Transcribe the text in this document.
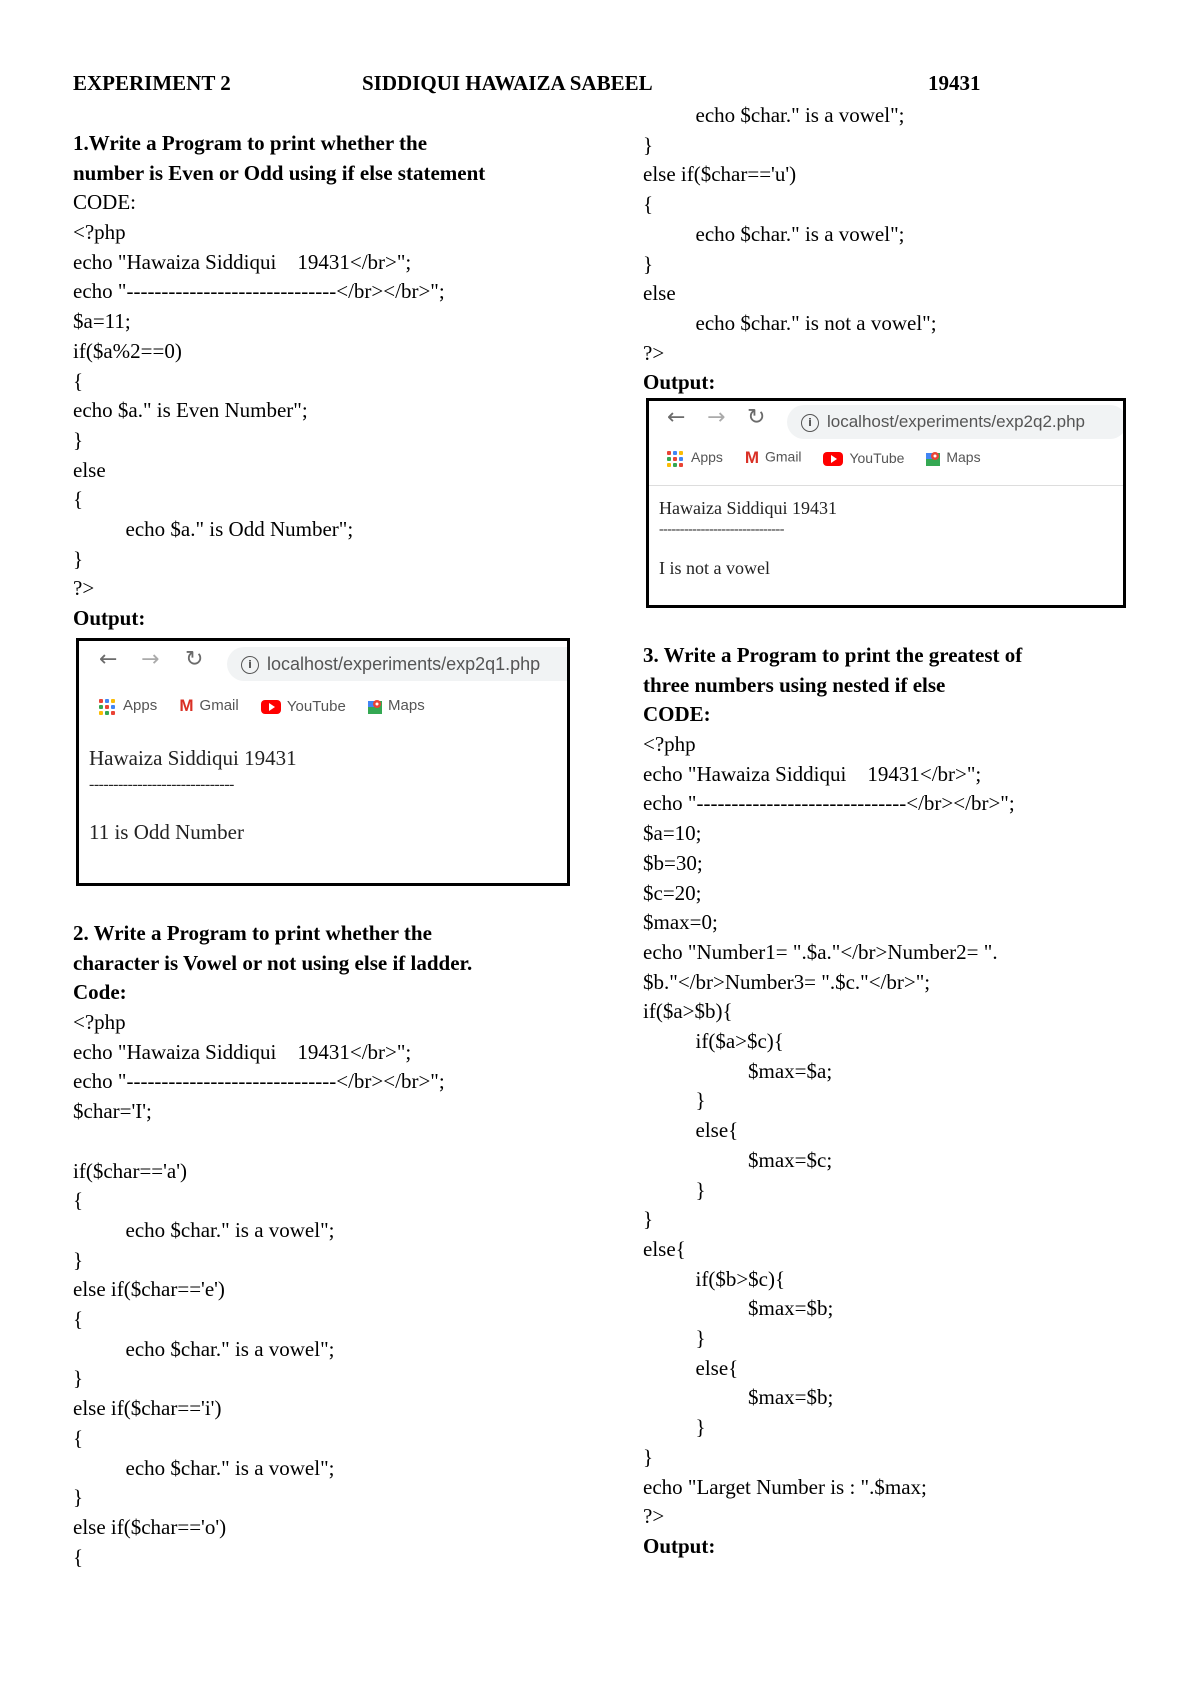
EXPERIMENT 2	SIDDIQUI HAWAIZA SABEEL	19431
1.Write a Program to print whether the
number is Even or Odd using if else statement
CODE:
<?php
echo "Hawaiza Siddiqui    19431</br>";
echo "------------------------------</br></br>";
$a=11;
if($a%2==0)
{
echo $a." is Even Number";
}
else
{
echo $a." is Odd Number";
}
?>
Output:
← → ↻	i localhost/experiments/exp2q1.php
Apps M Gmail	YouTube	Maps
Hawaiza Siddiqui 19431
------------------------------
11 is Odd Number
2. Write a Program to print whether the
character is Vowel or not using else if ladder.
Code:
<?php
echo "Hawaiza Siddiqui    19431</br>";
echo "------------------------------</br></br>";
$char='I';
if($char=='a')
{
echo $char." is a vowel";
}
else if($char=='e')
{
echo $char." is a vowel";
}
else if($char=='i')
{
echo $char." is a vowel";
}
else if($char=='o')
{
echo $char." is a vowel";
}
else if($char=='u')
{
echo $char." is a vowel";
}
else
echo $char." is not a vowel";
?>
Output:
← → ↻	i localhost/experiments/exp2q2.php
Apps M Gmail	YouTube	Maps
Hawaiza Siddiqui 19431
------------------------------
I is not a vowel
3. Write a Program to print the greatest of
three numbers using nested if else
CODE:
<?php
echo "Hawaiza Siddiqui    19431</br>";
echo "------------------------------</br></br>";
$a=10;
$b=30;
$c=20;
$max=0;
echo "Number1= ".$a."</br>Number2= ".
$b."</br>Number3= ".$c."</br>";
if($a>$b){
if($a>$c){
$max=$a;
}
else{
$max=$c;
}
}
else{
if($b>$c){
$max=$b;
}
else{
$max=$b;
}
}
echo "Larget Number is : ".$max;
?>
Output:
